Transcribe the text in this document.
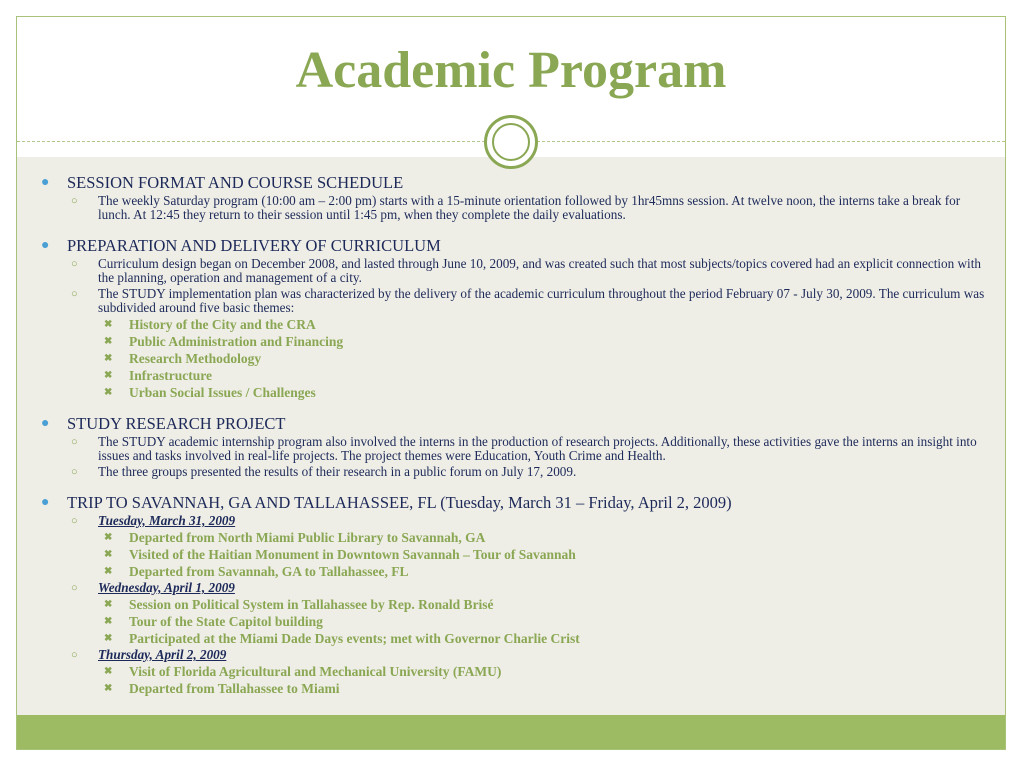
Academic Program
● SESSION FORMAT AND COURSE SCHEDULE
○ The weekly Saturday program (10:00 am – 2:00 pm) starts with a 15-minute orientation followed by 1hr45mns session. At twelve noon, the interns take a break for lunch. At 12:45 they return to their session until 1:45 pm, when they complete the daily evaluations.
● PREPARATION AND DELIVERY OF CURRICULUM
○ Curriculum design began on December 2008, and lasted through June 10, 2009, and was created such that most subjects/topics covered had an explicit connection with the planning, operation and management of a city.
○ The STUDY implementation plan was characterized by the delivery of the academic curriculum throughout the period February 07 - July 30, 2009. The curriculum was subdivided around five basic themes:
✖ History of the City and the CRA
✖ Public Administration and Financing
✖ Research Methodology
✖ Infrastructure
✖ Urban Social Issues / Challenges
● STUDY RESEARCH PROJECT
○ The STUDY academic internship program also involved the interns in the production of research projects. Additionally, these activities gave the interns an insight into issues and tasks involved in real-life projects. The project themes were Education, Youth Crime and Health.
○ The three groups presented the results of their research in a public forum on July 17, 2009.
● TRIP TO SAVANNAH, GA AND TALLAHASSEE, FL (Tuesday, March 31 – Friday, April 2, 2009)
○ Tuesday, March 31, 2009
✖ Departed from North Miami Public Library to Savannah, GA
✖ Visited of the Haitian Monument in Downtown Savannah – Tour of Savannah
✖ Departed from Savannah, GA to Tallahassee, FL
○ Wednesday, April 1, 2009
✖ Session on Political System in Tallahassee by Rep. Ronald Brisé
✖ Tour of the State Capitol building
✖ Participated at the Miami Dade Days events; met with Governor Charlie Crist
○ Thursday, April 2, 2009
✖ Visit of Florida Agricultural and Mechanical University (FAMU)
✖ Departed from Tallahassee to Miami
